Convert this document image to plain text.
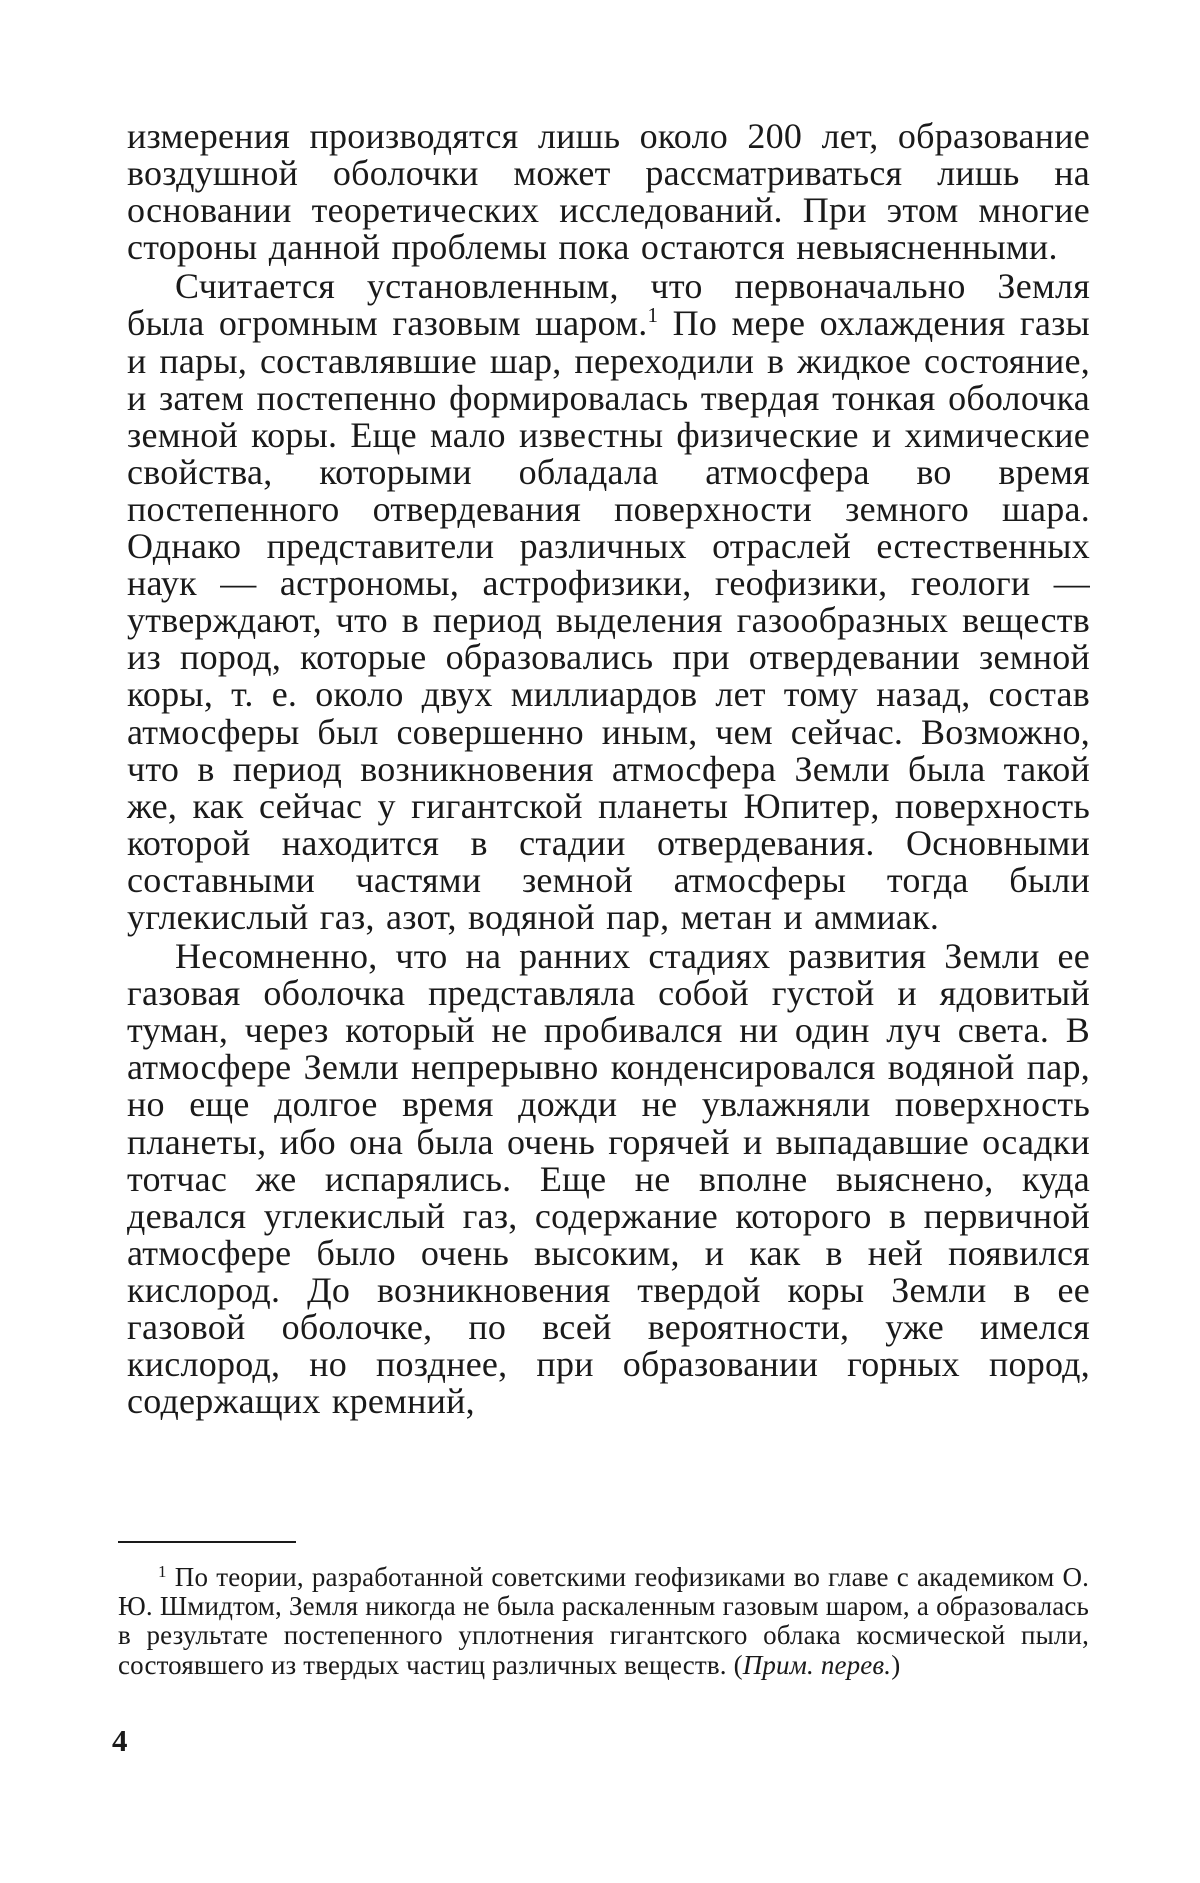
измерения производятся лишь около 200 лет, образование воздушной оболочки может рассматриваться лишь на основании теоретических исследований. При этом многие стороны данной проблемы пока остаются невыясненными.

Считается установленным, что первоначально Земля была огромным газовым шаром.$^1$ По мере охлаждения газы и пары, составлявшие шар, переходили в жидкое состояние, и затем постепенно формировалась твердая тонкая оболочка земной коры. Еще мало известны физические и химические свойства, которыми обладала атмосфера во время постепенного отвердевания поверхности земного шара. Однако представители различных отраслей естественных наук — астрономы, астрофизики, геофизики, геологи — утверждают, что в период выделения газообразных веществ из пород, которые образовались при отвердевании земной коры, т. е. около двух миллиардов лет тому назад, состав атмосферы был совершенно иным, чем сейчас. Возможно, что в период возникновения атмосфера Земли была такой же, как сейчас у гигантской планеты Юпитер, поверхность которой находится в стадии отвердевания. Основными составными частями земной атмосферы тогда были углекислый газ, азот, водяной пар, метан и аммиак.

Несомненно, что на ранних стадиях развития Земли ее газовая оболочка представляла собой густой и ядовитый туман, через который не пробивался ни один луч света. В атмосфере Земли непрерывно конденсировался водяной пар, но еще долгое время дожди не увлажняли поверхность планеты, ибо она была очень горячей и выпадавшие осадки тотчас же испарялись. Еще не вполне выяснено, куда девался углекислый газ, содержание которого в первичной атмосфере было очень высоким, и как в ней появился кислород. До возникновения твердой коры Земли в ее газовой оболочке, по всей вероятности, уже имелся кислород, но позднее, при образовании горных пород, содержащих кремний,

$^1$ По теории, разработанной советскими геофизиками во главе с академиком О. Ю. Шмидтом, Земля никогда не была раскаленным газовым шаром, а образовалась в результате постепенного уплотнения гигантского облака космической пыли, состоявшего из твердых частиц различных веществ. (Прим. перев.)

4
